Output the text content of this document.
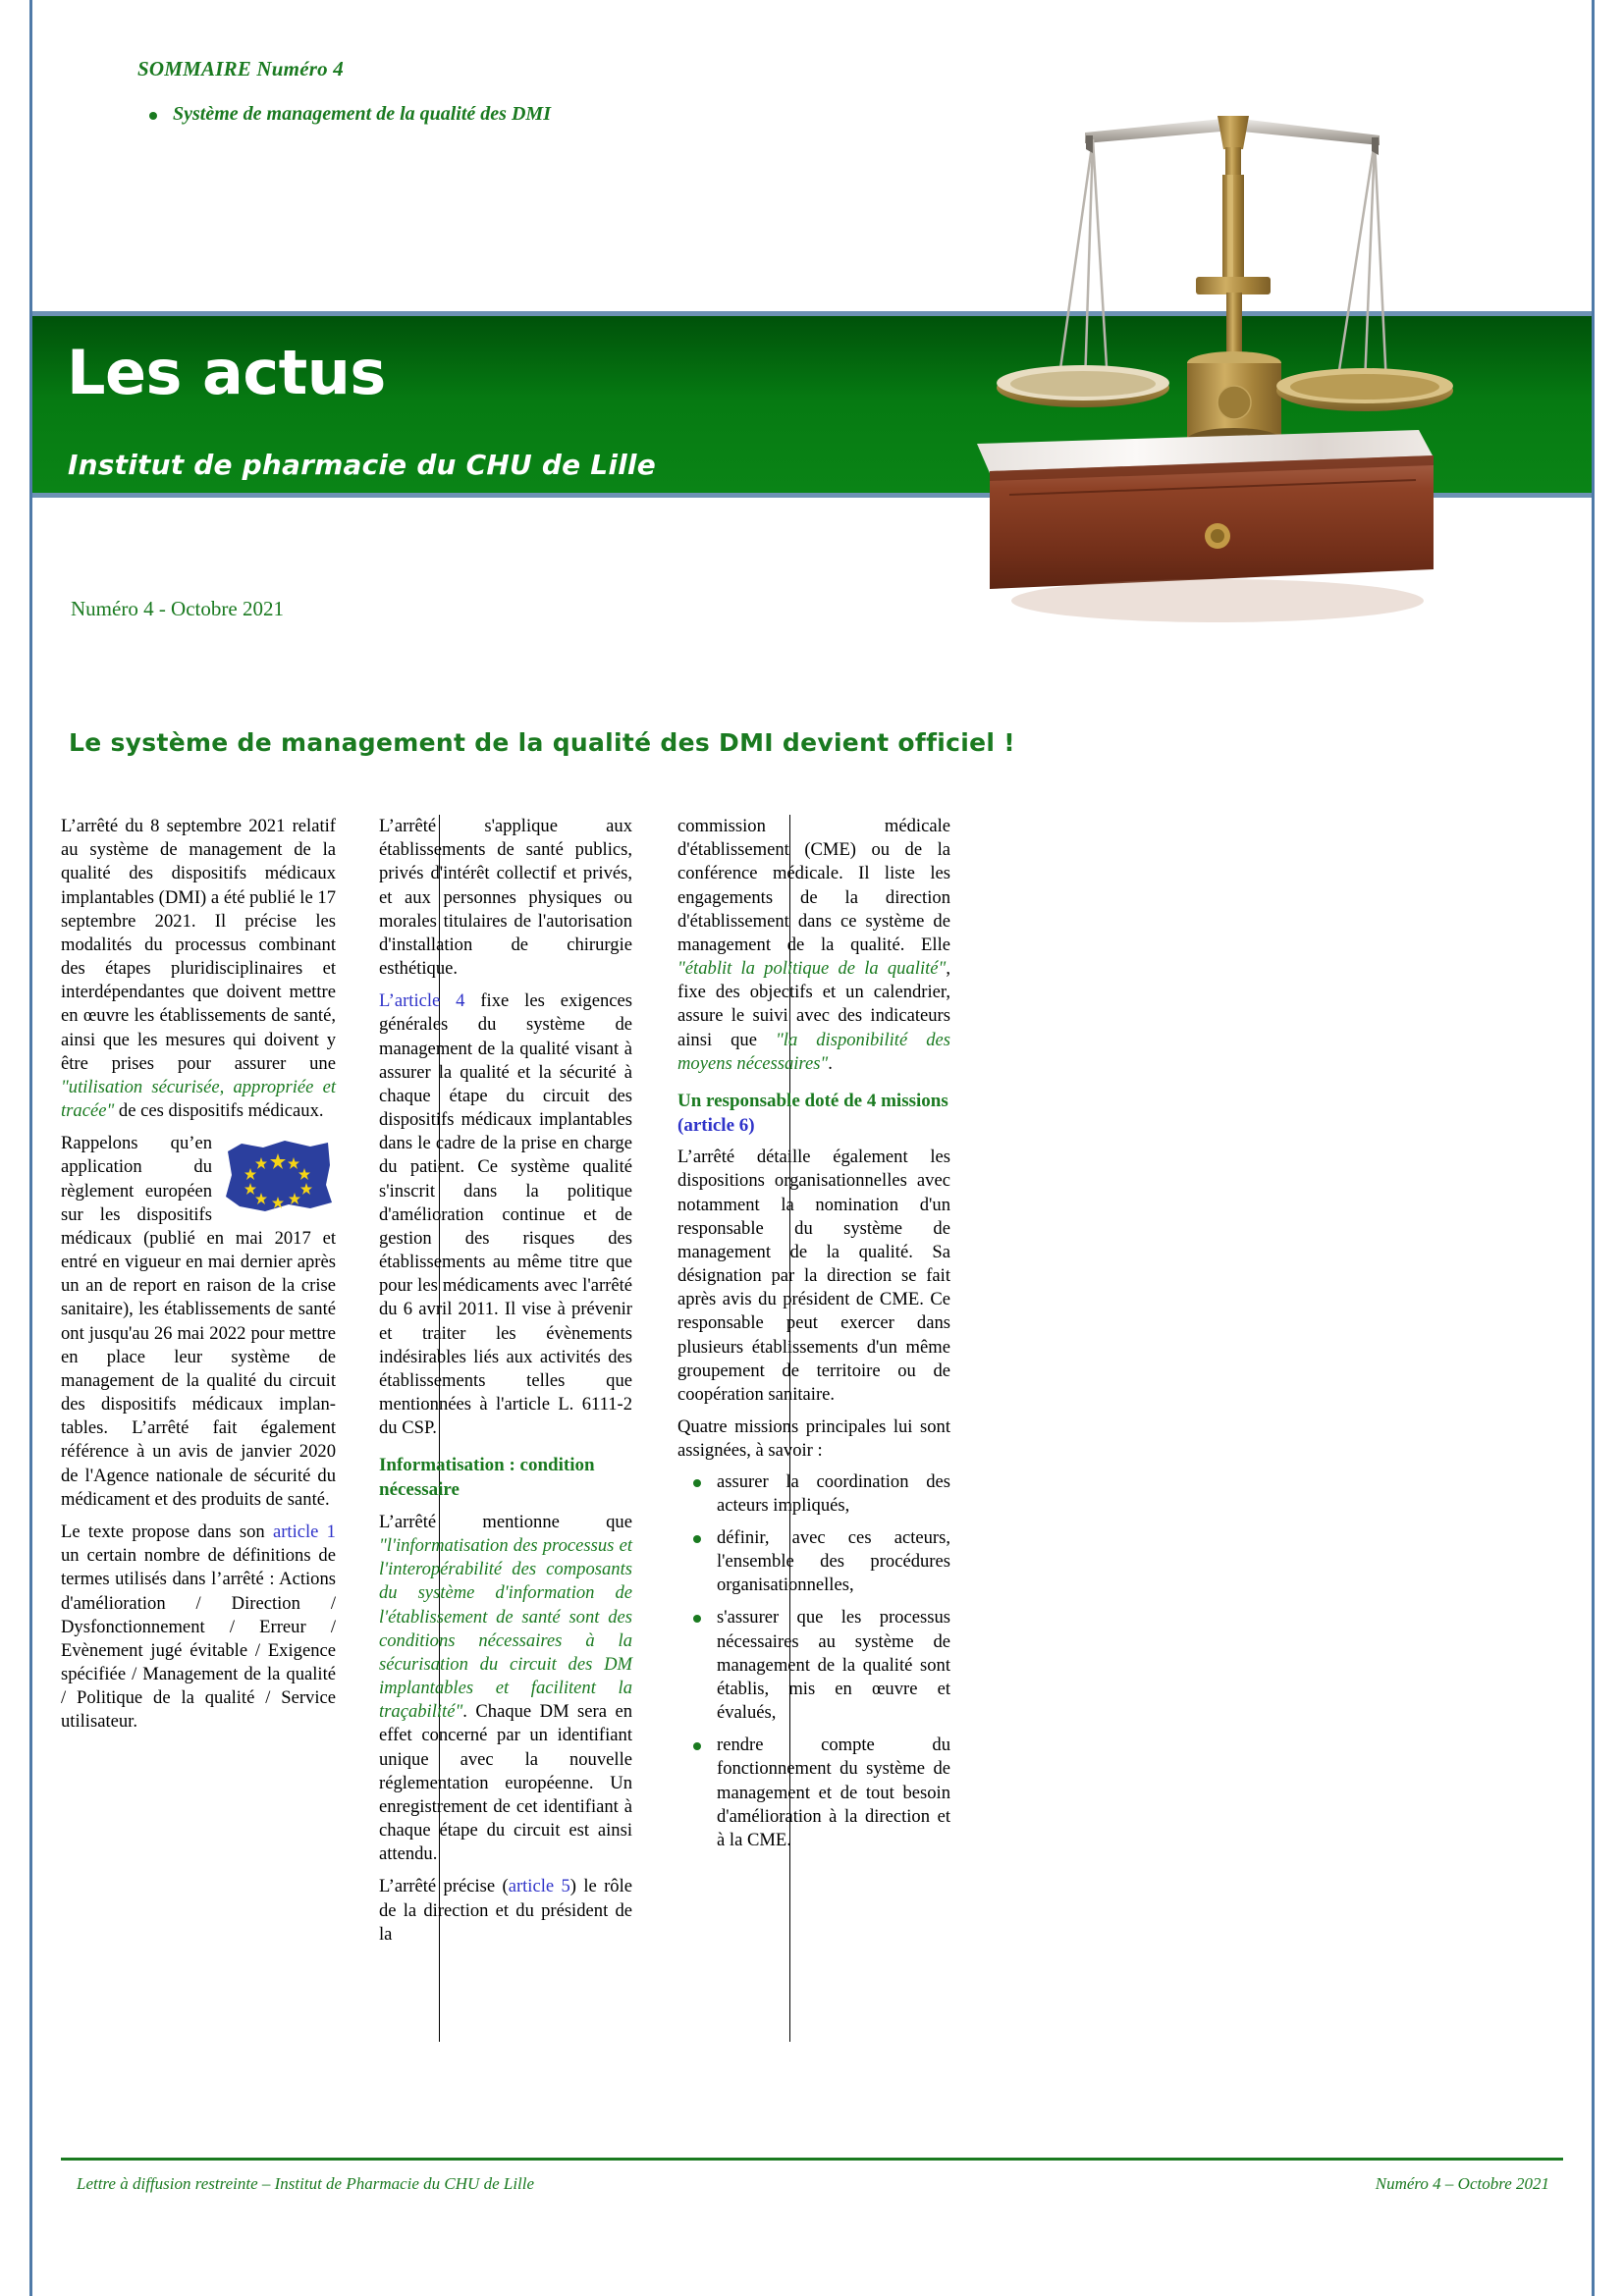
SOMMAIRE Numéro 4
Système de management de la qualité des DMI
Les actus
Institut de pharmacie du CHU de Lille
Numéro 4 - Octobre 2021
Le système de management de la qualité des DMI devient officiel !

L’arrêté du 8 septembre 2021 relatif au système de management de la qualité des dispositifs médicaux implantables (DMI) a été publié le 17 septembre 2021. Il précise les modalités du processus combinant des étapes pluridisciplinaires et interdépendantes que doivent mettre en œuvre les établissements de santé, ainsi que les mesures qui doivent y être prises pour assurer une "utilisation sécurisée, appropriée et tracée" de ces dispositifs médicaux.

Rappelons qu’en application du règlement européen sur les dispositifs médicaux (publié en mai 2017 et entré en vigueur en mai dernier après un an de report en raison de la crise sanitaire), les établissements de santé ont jusqu'au 26 mai 2022 pour mettre en place leur système de management de la qualité du circuit des dispositifs médicaux implan-tables. L’arrêté fait également référence à un avis de janvier 2020 de l'Agence nationale de sécurité du médicament et des produits de santé.

Le texte propose dans son article 1 un certain nombre de définitions de termes utilisés dans l’arrêté : Actions d'amélioration / Direction / Dysfonctionnement / Erreur / Evènement jugé évitable / Exigence spécifiée / Management de la qualité / Politique de la qualité / Service utilisateur.

L’arrêté s'applique aux établissements de santé publics, privés d'intérêt collectif et privés, et aux personnes physiques ou morales titulaires de l'autorisation d'installation de chirurgie esthétique.

L’article 4 fixe les exigences générales du système de management de la qualité visant à assurer la qualité et la sécurité à chaque étape du circuit des dispositifs médicaux implantables dans le cadre de la prise en charge du patient. Ce système qualité s'inscrit dans la politique d'amélioration continue et de gestion des risques des établissements au même titre que pour les médicaments avec l'arrêté du 6 avril 2011. Il vise à prévenir et traiter les évènements indésirables liés aux activités des établissements telles que mentionnées à l'article L. 6111-2 du CSP.

Informatisation : condition nécessaire

L’arrêté mentionne que "l'informatisation des processus et l'interopérabilité des composants du système d'information de l'établissement de santé sont des conditions nécessaires à la sécurisation du circuit des DM implantables et facilitent la traçabilité". Chaque DM sera en effet concerné par un identifiant unique avec la nouvelle réglementation européenne. Un enregistrement de cet identifiant à chaque étape du circuit est ainsi attendu.

L’arrêté précise (article 5) le rôle de la direction et du président de la

commission médicale d'établissement (CME) ou de la conférence médicale. Il liste les engagements de la direction d'établissement dans ce système de management de la qualité. Elle "établit la politique de la qualité", fixe des objectifs et un calendrier, assure le suivi avec des indicateurs ainsi que "la disponibilité des moyens nécessaires".

Un responsable doté de 4 missions
(article 6)

L’arrêté détaille également les dispositions organisationnelles avec notamment la nomination d'un responsable du système de management de la qualité. Sa désignation par la direction se fait après avis du président de CME. Ce responsable peut exercer dans plusieurs établissements d'un même groupement de territoire ou de coopération sanitaire.

Quatre missions principales lui sont assignées, à savoir :

assurer la coordination des acteurs impliqués,
définir, avec ces acteurs, l'ensemble des procédures organisationnelles,
s'assurer que les processus nécessaires au système de management de la qualité sont établis, mis en œuvre et évalués,
rendre compte du fonctionnement du système de management et de tout besoin d'amélioration à la direction et à la CME.
Lettre à diffusion restreinte – Institut de Pharmacie du CHU de Lille	Numéro 4 – Octobre 2021
